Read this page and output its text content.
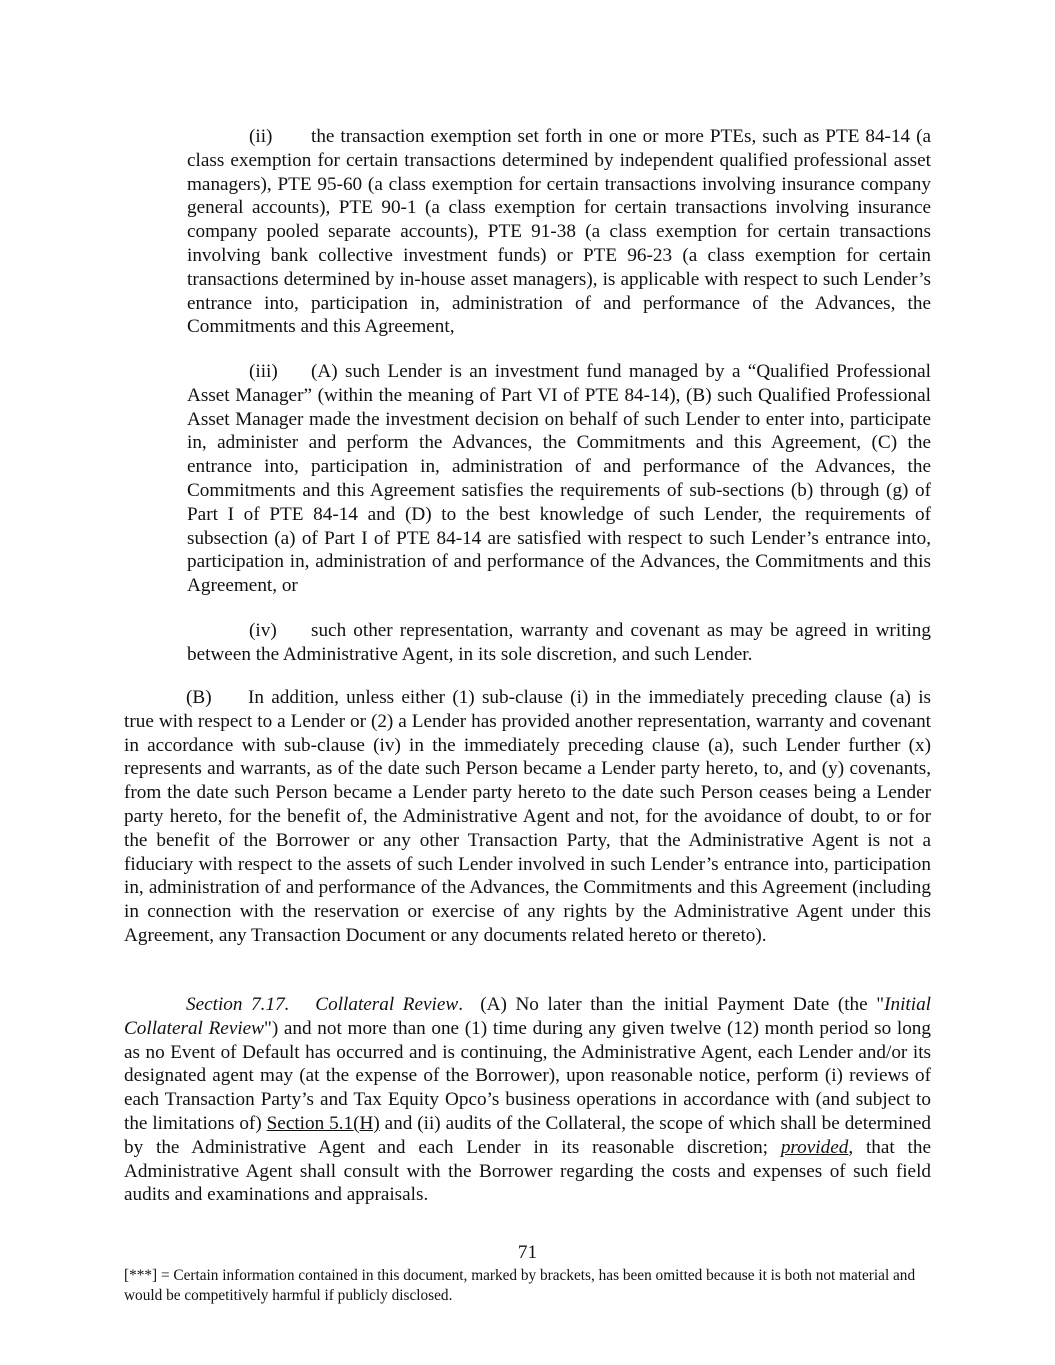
(ii) the transaction exemption set forth in one or more PTEs, such as PTE 84-14 (a class exemption for certain transactions determined by independent qualified professional asset managers), PTE 95-60 (a class exemption for certain transactions involving insurance company general accounts), PTE 90-1 (a class exemption for certain transactions involving insurance company pooled separate accounts), PTE 91-38 (a class exemption for certain transactions involving bank collective investment funds) or PTE 96-23 (a class exemption for certain transactions determined by in-house asset managers), is applicable with respect to such Lender’s entrance into, participation in, administration of and performance of the Advances, the Commitments and this Agreement,

(iii) (A) such Lender is an investment fund managed by a “Qualified Professional Asset Manager” (within the meaning of Part VI of PTE 84-14), (B) such Qualified Professional Asset Manager made the investment decision on behalf of such Lender to enter into, participate in, administer and perform the Advances, the Commitments and this Agreement, (C) the entrance into, participation in, administration of and performance of the Advances, the Commitments and this Agreement satisfies the requirements of sub-sections (b) through (g) of Part I of PTE 84-14 and (D) to the best knowledge of such Lender, the requirements of subsection (a) of Part I of PTE 84-14 are satisfied with respect to such Lender’s entrance into, participation in, administration of and performance of the Advances, the Commitments and this Agreement, or

(iv) such other representation, warranty and covenant as may be agreed in writing between the Administrative Agent, in its sole discretion, and such Lender.

(B) In addition, unless either (1) sub-clause (i) in the immediately preceding clause (a) is true with respect to a Lender or (2) a Lender has provided another representation, warranty and covenant in accordance with sub-clause (iv) in the immediately preceding clause (a), such Lender further (x) represents and warrants, as of the date such Person became a Lender party hereto, to, and (y) covenants, from the date such Person became a Lender party hereto to the date such Person ceases being a Lender party hereto, for the benefit of, the Administrative Agent and not, for the avoidance of doubt, to or for the benefit of the Borrower or any other Transaction Party, that the Administrative Agent is not a fiduciary with respect to the assets of such Lender involved in such Lender’s entrance into, participation in, administration of and performance of the Advances, the Commitments and this Agreement (including in connection with the reservation or exercise of any rights by the Administrative Agent under this Agreement, any Transaction Document or any documents related hereto or thereto).

Section 7.17. Collateral Review. (A) No later than the initial Payment Date (the "Initial Collateral Review") and not more than one (1) time during any given twelve (12) month period so long as no Event of Default has occurred and is continuing, the Administrative Agent, each Lender and/or its designated agent may (at the expense of the Borrower), upon reasonable notice, perform (i) reviews of each Transaction Party’s and Tax Equity Opco’s business operations in accordance with (and subject to the limitations of) Section 5.1(H) and (ii) audits of the Collateral, the scope of which shall be determined by the Administrative Agent and each Lender in its reasonable discretion; provided, that the Administrative Agent shall consult with the Borrower regarding the costs and expenses of such field audits and examinations and appraisals.

71
[***] = Certain information contained in this document, marked by brackets, has been omitted because it is both not material and would be competitively harmful if publicly disclosed.
